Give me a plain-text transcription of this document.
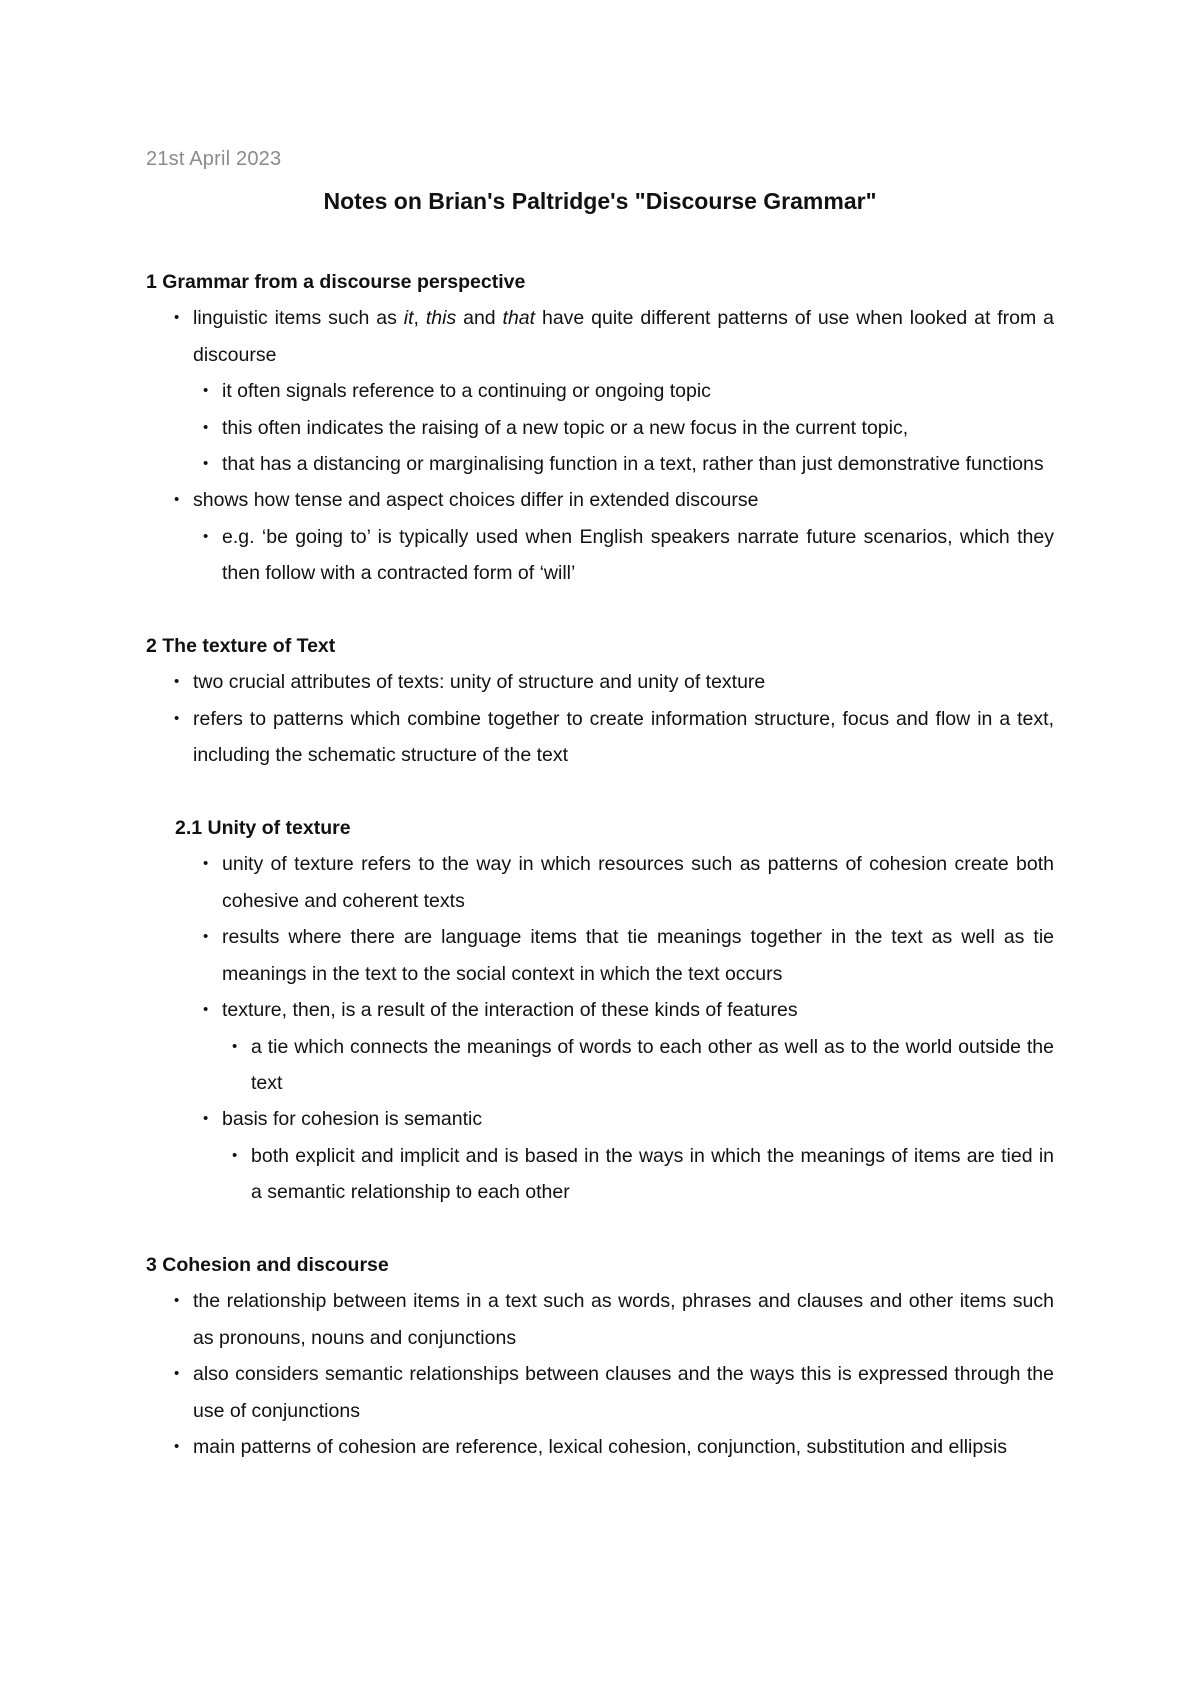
21st April 2023
Notes on Brian's Paltridge's "Discourse Grammar"
1 Grammar from a discourse perspective
• linguistic items such as it, this and that have quite different patterns of use when looked at from a discourse
• it often signals reference to a continuing or ongoing topic
• this often indicates the raising of a new topic or a new focus in the current topic,
• that has a distancing or marginalising function in a text, rather than just demonstrative functions
• shows how tense and aspect choices differ in extended discourse
• e.g. ‘be going to’ is typically used when English speakers narrate future scenarios, which they then follow with a contracted form of ‘will’
2 The texture of Text
• two crucial attributes of texts: unity of structure and unity of texture
• refers to patterns which combine together to create information structure, focus and flow in a text, including the schematic structure of the text
2.1 Unity of texture
• unity of texture refers to the way in which resources such as patterns of cohesion create both cohesive and coherent texts
• results where there are language items that tie meanings together in the text as well as tie meanings in the text to the social context in which the text occurs
• texture, then, is a result of the interaction of these kinds of features
• a tie which connects the meanings of words to each other as well as to the world outside the text
• basis for cohesion is semantic
• both explicit and implicit and is based in the ways in which the meanings of items are tied in a semantic relationship to each other
3 Cohesion and discourse
• the relationship between items in a text such as words, phrases and clauses and other items such as pronouns, nouns and conjunctions
• also considers semantic relationships between clauses and the ways this is expressed through the use of conjunctions
• main patterns of cohesion are reference, lexical cohesion, conjunction, substitution and ellipsis
